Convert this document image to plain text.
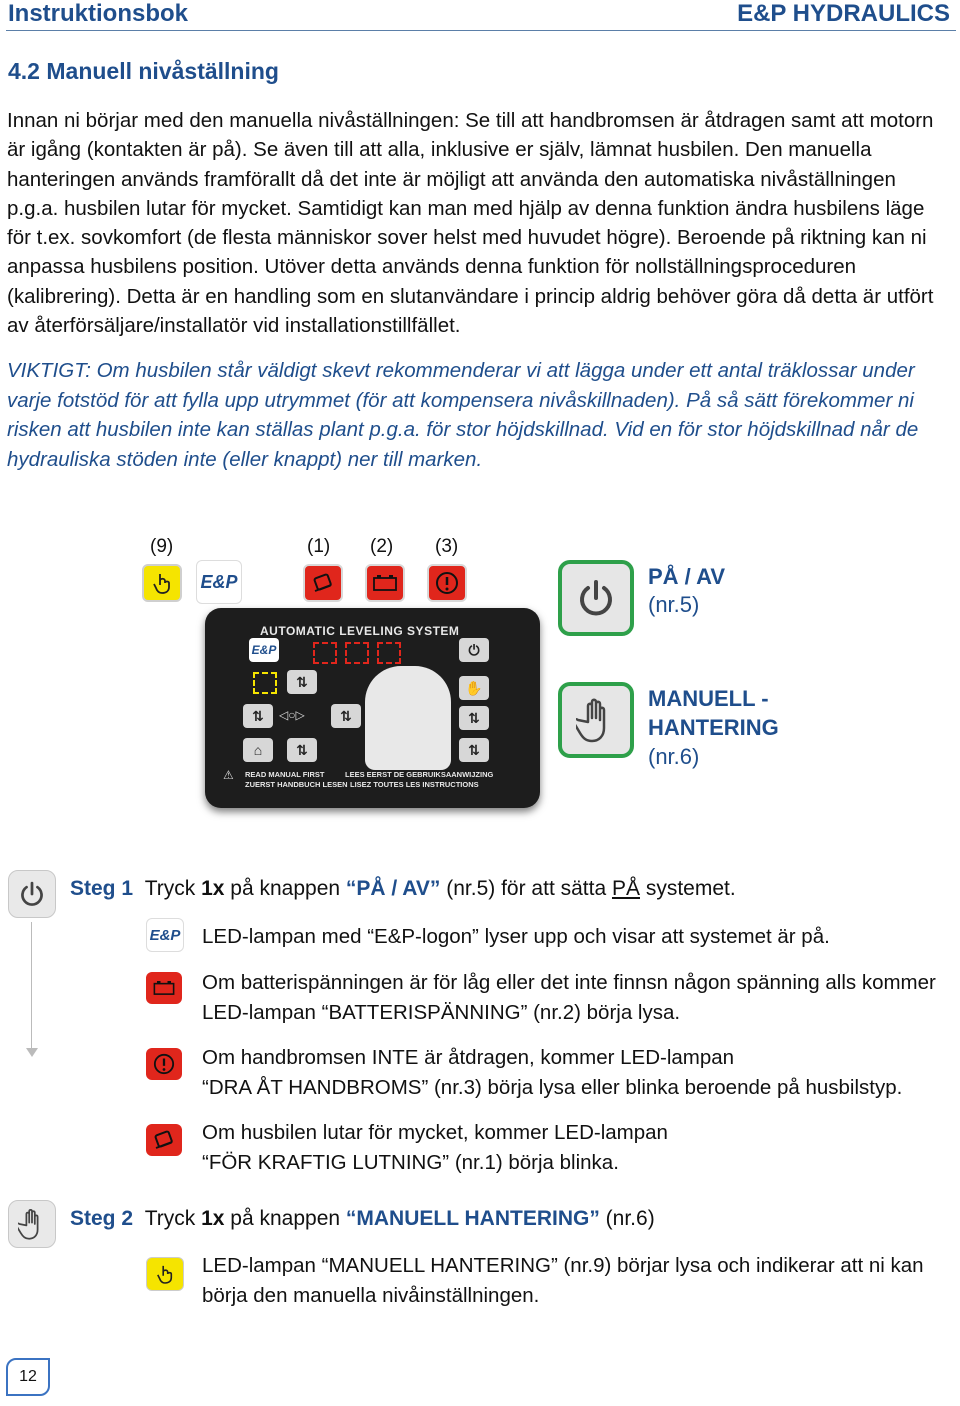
Instruktionsbok	E&P HYDRAULICS
4.2 Manuell nivåställning
Innan ni börjar med den manuella nivåställningen: Se till att handbromsen är åtdragen samt att motorn är igång (kontakten är på). Se även till att alla, inklusive er själv, lämnat husbilen. Den manuella hanteringen används framförallt då det inte är möjligt att använda den automatiska nivåställningen p.g.a. husbilen lutar för mycket. Samtidigt kan man med hjälp av denna funktion ändra husbilens läge för t.ex. sovkomfort (de flesta människor sover helst med huvudet högre). Beroende på riktning kan ni anpassa husbilens position. Utöver detta används denna funktion för nollställningsproceduren (kalibrering). Detta är en handling som en slutanvändare i princip aldrig behöver göra då detta är utfört av återförsäljare/installatör vid installationstillfället.
VIKTIGT: Om husbilen står väldigt skevt rekommenderar vi att lägga under ett antal träklossar under varje fotstöd för att fylla upp utrymmet (för att kompensera nivåskillnaden). På så sätt förekommer ni risken att husbilen inte kan ställas plant p.g.a. för stor höjdskillnad. Vid en för stor höjdskillnad når de hydrauliska stöden inte (eller knappt) ner till marken.
(9)	(1) (2) (3)
E&P
AUTOMATIC LEVELING SYSTEM
E&P	⏻
⇅	✋
⇅	◁○▷	⇅	⇅
⌂	⇅	⇅
⚠	READ MANUAL FIRST
ZUERST HANDBUCH LESEN
LEES EERST DE GEBRUIKSAANWIJZING
LISEZ TOUTES LES INSTRUCTIONS
PÅ / AV
(nr.5)
MANUELL -
HANTERING
(nr.6)
Steg 1 Tryck 1x på knappen “PÅ / AV” (nr.5) för att sätta PÅ systemet.
E&P LED-lampan med “E&P-logon” lyser upp och visar att systemet är på.
Om batterispänningen är för låg eller det inte finnsn någon spänning alls kommer
LED-lampan “BATTERISPÄNNING” (nr.2) börja lysa.
Om handbromsen INTE är åtdragen, kommer LED-lampan
“DRA ÅT HANDBROMS” (nr.3) börja lysa eller blinka beroende på husbilstyp.
Om husbilen lutar för mycket, kommer LED-lampan
“FÖR KRAFTIG LUTNING” (nr.1) börja blinka.
Steg 2 Tryck 1x på knappen “MANUELL HANTERING” (nr.6)
LED-lampan “MANUELL HANTERING” (nr.9) börjar lysa och indikerar att ni kan
börja den manuella nivåinställningen.
12
